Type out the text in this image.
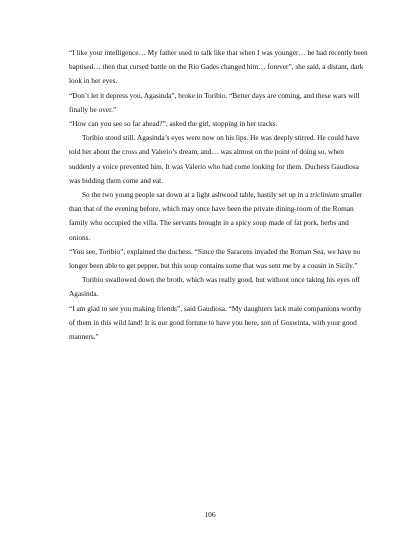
“I like your intelligence… My father used to talk like that when I was younger… he had recently been baptised… then that cursed battle on the Rio Gades changed him… forever”, she said, a distant, dark look in her eyes.

“Don’t let it depress you, Agasinda”, broke in Toribio. “Better days are coming, and these wars will finally be over.”

“How can you see so far ahead?”, asked the girl, stopping in her tracks.

Toribio stood still. Agasinda’s eyes were now on his lips. He was deeply stirred. He could have told her about the cross and Valerio’s dream, and… was almost on the point of doing so, when suddenly a voice prevented him. It was Valerio who had come looking for them. Duchess Gaudiosa was bidding them come and eat.

So the two young people sat down at a light ashwood table, hastily set up in a triclinium smaller than that of the evening before, which may once have been the private dining-room of the Roman family who occupied the villa. The servants brought in a spicy soup made of fat pork, herbs and onions.

“You see, Toribio”, explained the duchess. “Since the Saracens invaded the Roman Sea, we have no longer been able to get pepper, but this soup contains some that was sent me by a cousin in Sicily.”

Toribio swallowed down the broth, which was really good, but without once taking his eyes off Agasinda.

“I am glad to see you making friends”, said Gaudiosa. “My daughters lack male companions worthy of them in this wild land! It is our good fortune to have you here, son of Goswinta, with your good manners.”

106
